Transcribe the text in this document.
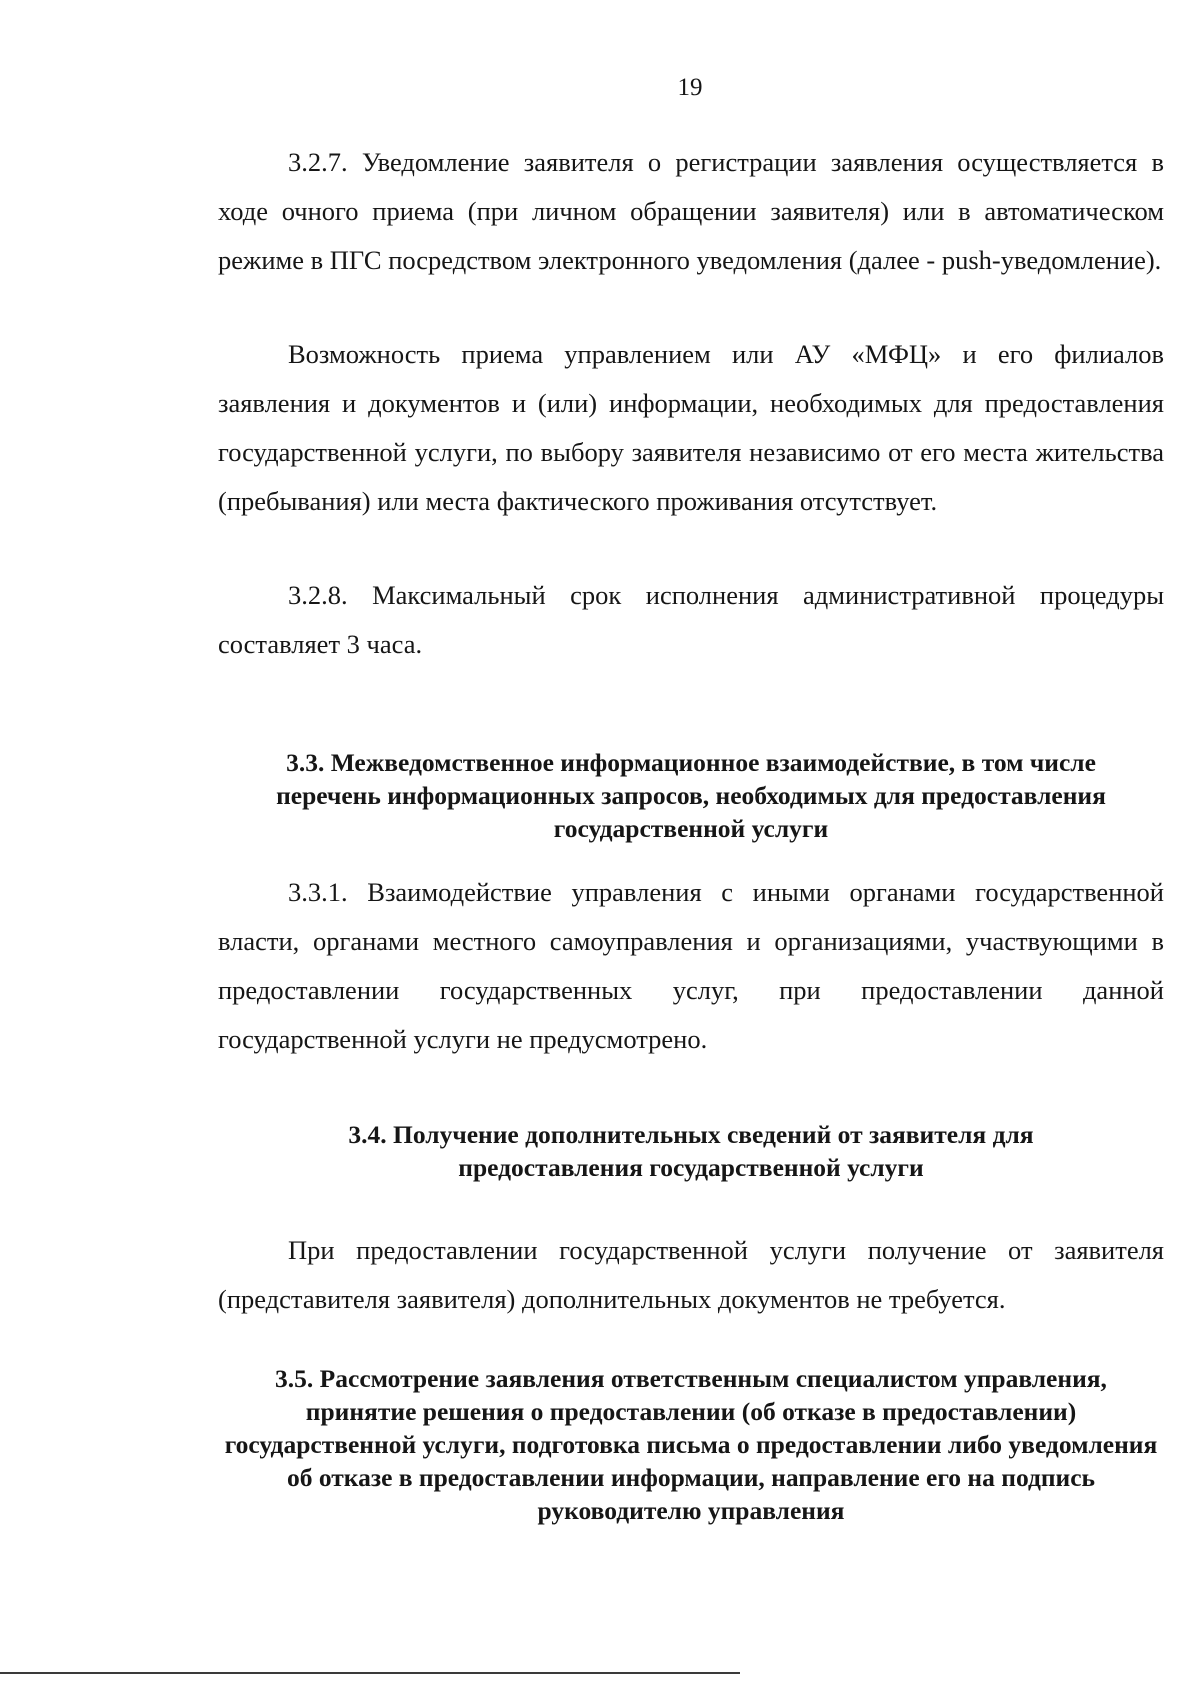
19

3.2.7. Уведомление заявителя о регистрации заявления осуществляется в ходе очного приема (при личном обращении заявителя) или в автоматическом режиме в ПГС посредством электронного уведомления (далее - push-уведомление).

Возможность приема управлением или АУ «МФЦ» и его филиалов заявления и документов и (или) информации, необходимых для предоставления государственной услуги, по выбору заявителя независимо от его места жительства (пребывания) или места фактического проживания отсутствует.

3.2.8. Максимальный срок исполнения административной процедуры составляет 3 часа.

3.3. Межведомственное информационное взаимодействие, в том числе перечень информационных запросов, необходимых для предоставления государственной услуги

3.3.1. Взаимодействие управления с иными органами государственной власти, органами местного самоуправления и организациями, участвующими в предоставлении государственных услуг, при предоставлении данной государственной услуги не предусмотрено.

3.4. Получение дополнительных сведений от заявителя для предоставления государственной услуги

При предоставлении государственной услуги получение от заявителя (представителя заявителя) дополнительных документов не требуется.

3.5. Рассмотрение заявления ответственным специалистом управления, принятие решения о предоставлении (об отказе в предоставлении) государственной услуги, подготовка письма о предоставлении либо уведомления об отказе в предоставлении информации, направление его на подпись руководителю управления
